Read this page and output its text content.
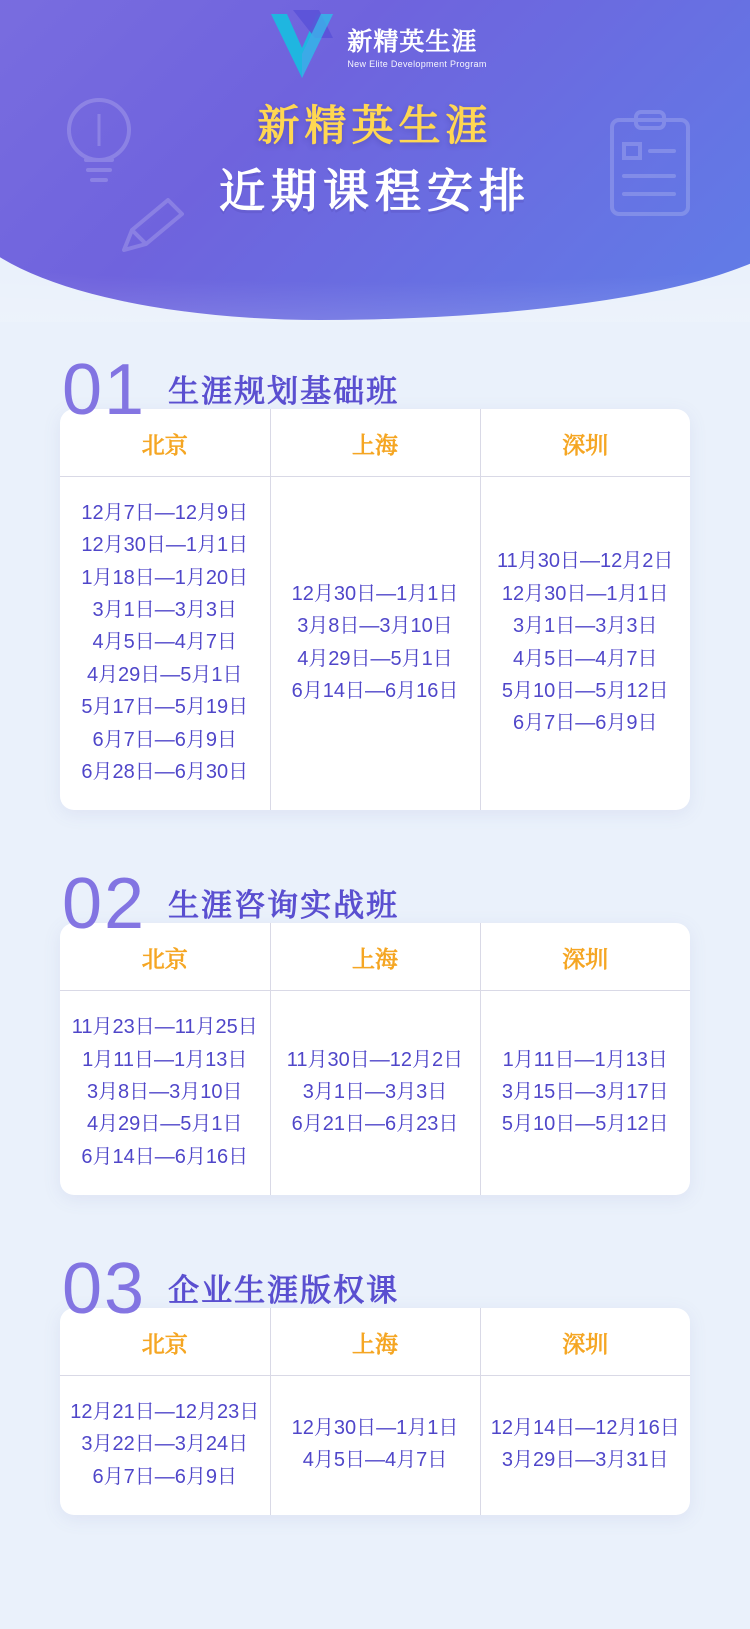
新精英生涯
New Elite Development Program
新精英生涯
近期课程安排
01 生涯规划基础班
北京	上海	深圳

12月7日—12月9日
12月30日—1月1日
1月18日—1月20日
3月1日—3月3日
4月5日—4月7日
4月29日—5月1日
5月17日—5月19日
6月7日—6月9日
6月28日—6月30日

12月30日—1月1日
3月8日—3月10日
4月29日—5月1日
6月14日—6月16日

11月30日—12月2日
12月30日—1月1日
3月1日—3月3日
4月5日—4月7日
5月10日—5月12日
6月7日—6月9日
02 生涯咨询实战班
北京	上海	深圳

11月23日—11月25日
1月11日—1月13日
3月8日—3月10日
4月29日—5月1日
6月14日—6月16日

11月30日—12月2日
3月1日—3月3日
6月21日—6月23日

1月11日—1月13日
3月15日—3月17日
5月10日—5月12日
03 企业生涯版权课
北京	上海	深圳

12月21日—12月23日
3月22日—3月24日
6月7日—6月9日

12月30日—1月1日
4月5日—4月7日

12月14日—12月16日
3月29日—3月31日
